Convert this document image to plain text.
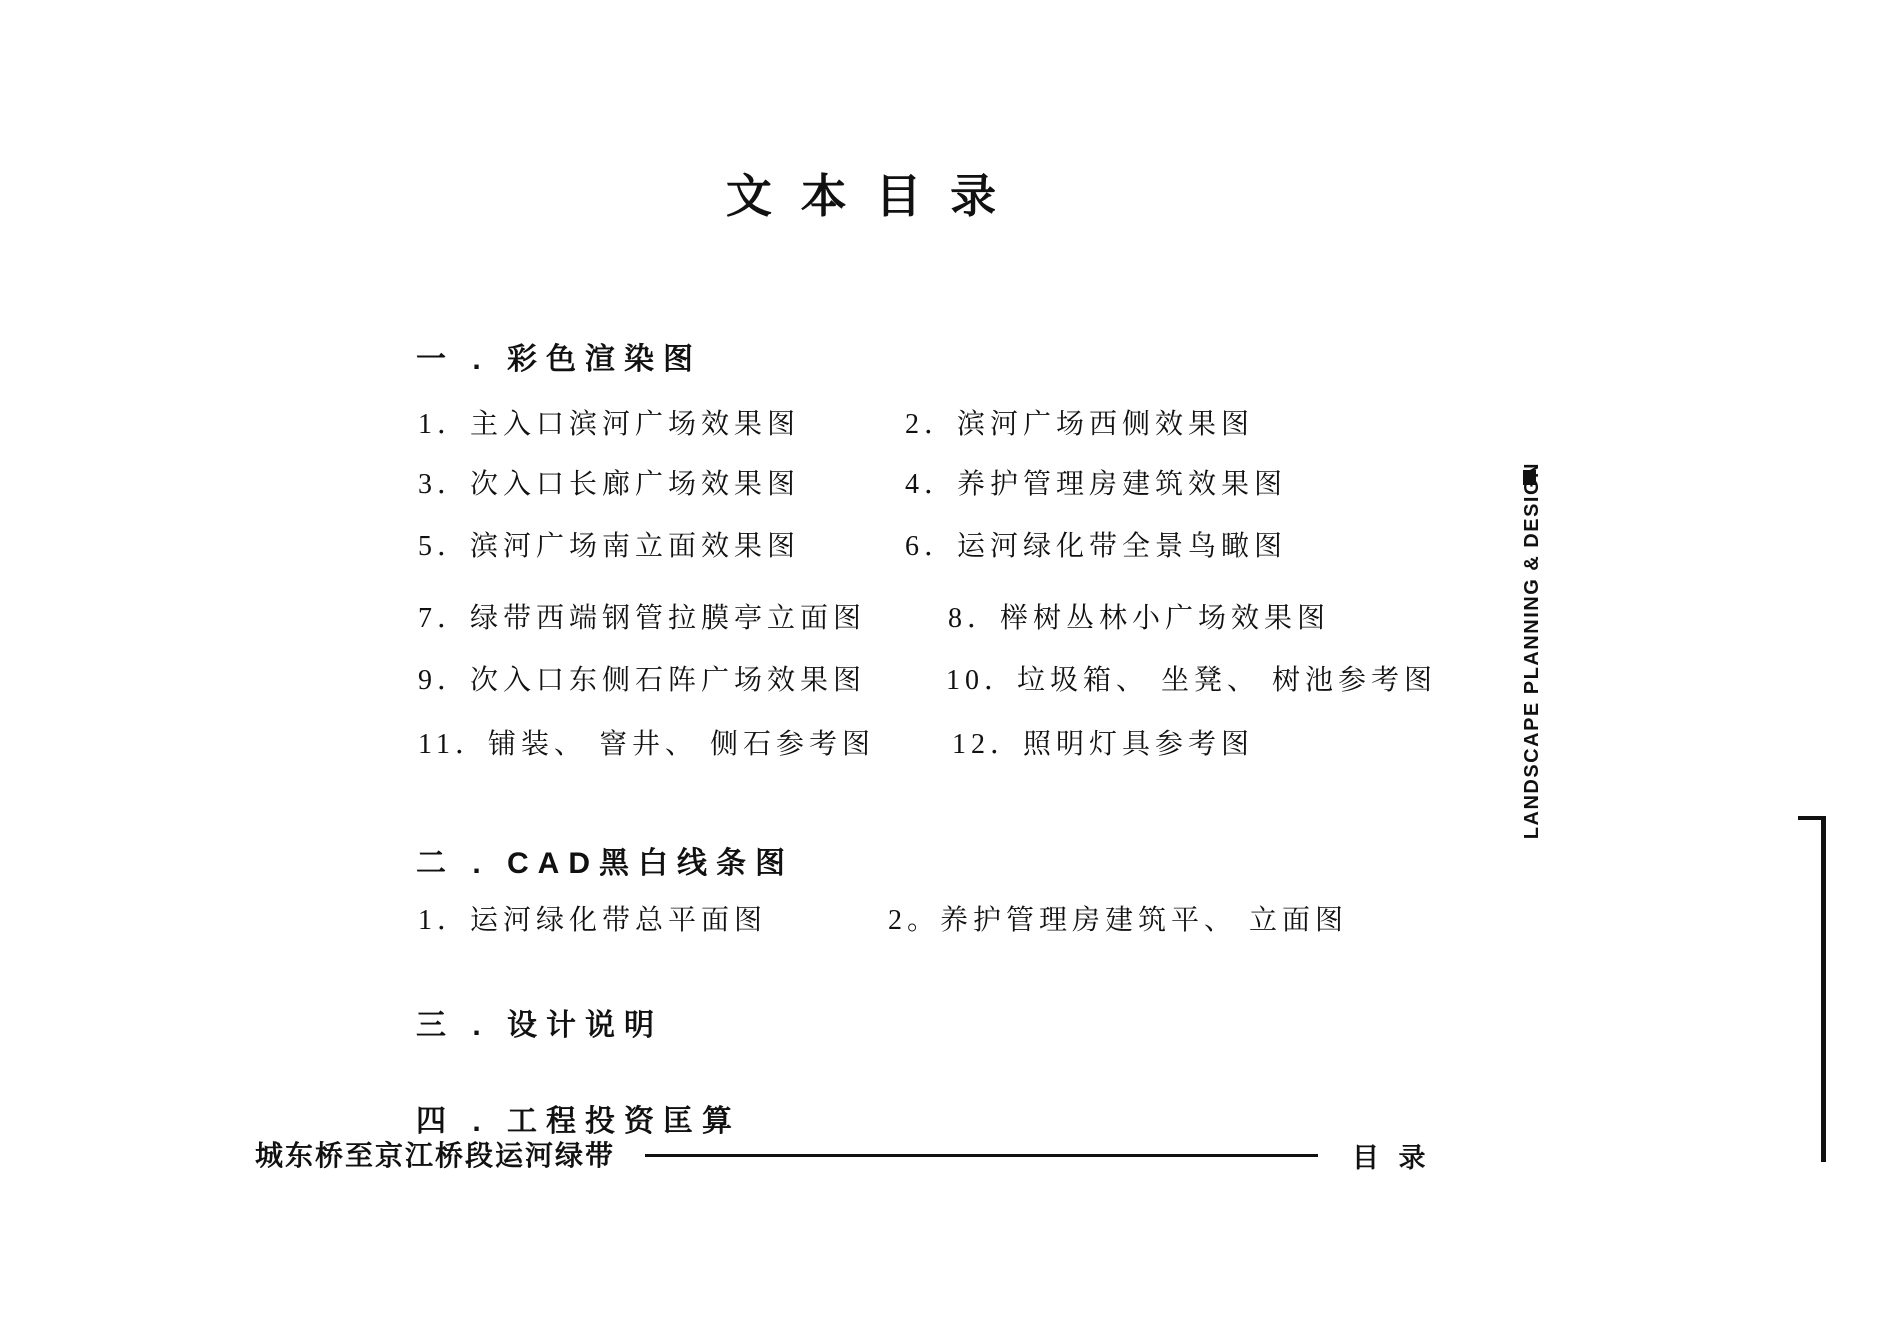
文 本 目 录
一 . 彩色渲染图
1．主入口滨河广场效果图	2．滨河广场西侧效果图
3．次入口长廊广场效果图	4．养护管理房建筑效果图
5．滨河广场南立面效果图	6．运河绿化带全景鸟瞰图
7．绿带西端钢管拉膜亭立面图	8．榉树丛林小广场效果图
9．次入口东侧石阵广场效果图	10．垃圾箱、 坐凳、 树池参考图
11．铺装、 窨井、 侧石参考图	12．照明灯具参考图
二 . CAD黑白线条图
1．运河绿化带总平面图	2。养护管理房建筑平、 立面图
三 . 设计说明
四 . 工程投资匡算
LANDSCAPE PLANNING & DESIGN
城东桥至京江桥段运河绿带	目 录
